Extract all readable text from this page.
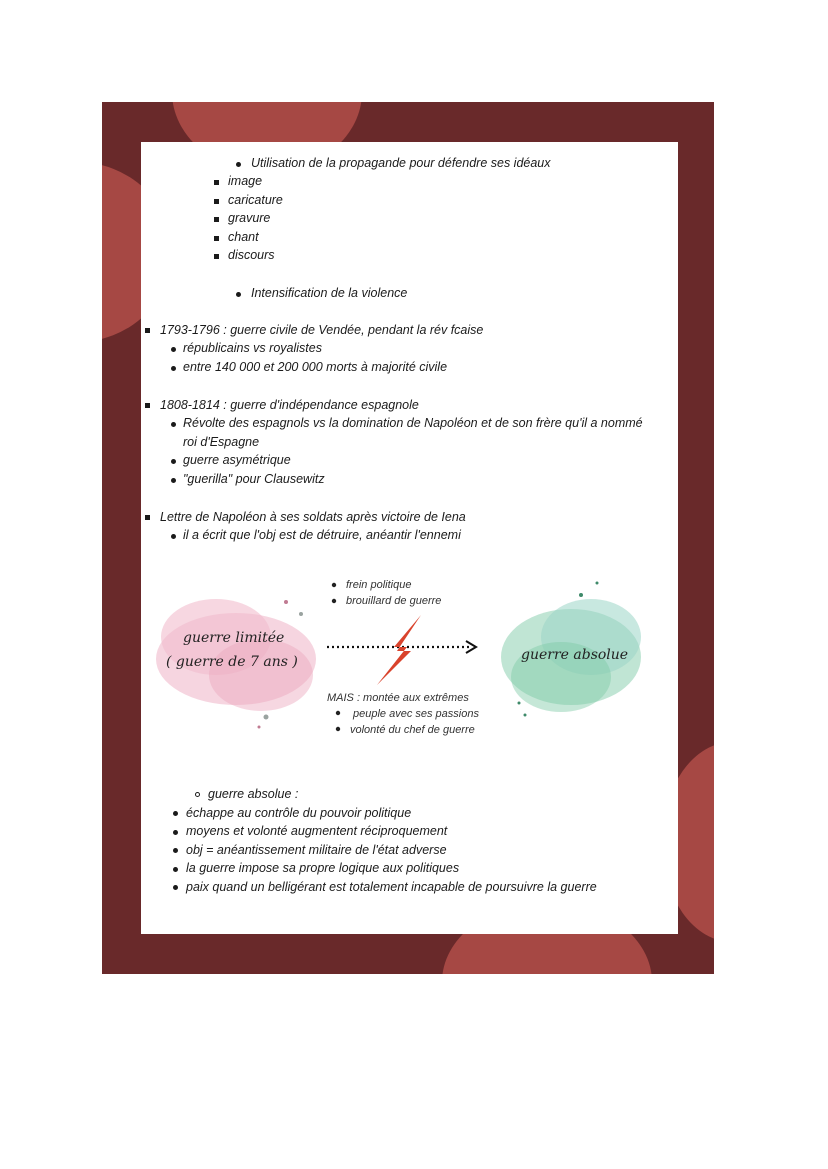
Utilisation de la propagande pour défendre ses idéaux
image
caricature
gravure
chant
discours
Intensification de la violence
1793-1796 : guerre civile de Vendée, pendant la rév fcaise
républicains vs royalistes
entre 140 000 et 200 000 morts à majorité civile
1808-1814 : guerre d'indépendance espagnole
Révolte des espagnols vs la domination de Napoléon et de son frère qu'il a nommé
roi d'Espagne
guerre asymétrique
"guerilla" pour Clausewitz
Lettre de Napoléon à ses soldats après victoire de Iena
il a écrit que l'obj est de détruire, anéantir l'ennemi
frein politique
brouillard de guerre
guerre limitée
( guerre de 7 ans )	guerre absolue
MAIS : montée aux extrêmes
peuple avec ses passions
volonté du chef de guerre
guerre absolue :
échappe au contrôle du pouvoir politique
moyens et volonté augmentent réciproquement
obj = anéantissement militaire de l'état adverse
la guerre impose sa propre logique aux politiques
paix quand un belligérant est totalement incapable de poursuivre la guerre
